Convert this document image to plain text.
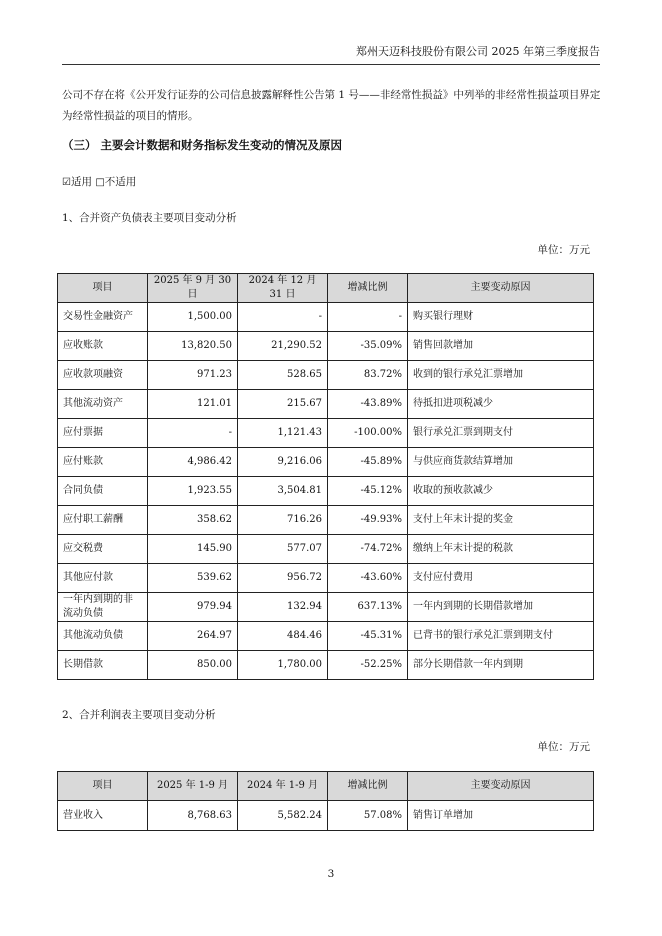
郑州天迈科技股份有限公司 2025 年第三季度报告
公司不存在将《公开发行证券的公司信息披露解释性公告第 1 号——非经常性损益》中列举的非经常性损益项目界定为经常性损益的项目的情形。
（三） 主要会计数据和财务指标发生变动的情况及原因
☑适用 □不适用
1、合并资产负债表主要项目变动分析
单位：万元
项目	2025 年 9 月 30 日	2024 年 12 月 31 日	增减比例	主要变动原因
交易性金融资产	1,500.00	-	-	购买银行理财
应收账款	13,820.50	21,290.52	-35.09%	销售回款增加
应收款项融资	971.23	528.65	83.72%	收到的银行承兑汇票增加
其他流动资产	121.01	215.67	-43.89%	待抵扣进项税减少
应付票据	-	1,121.43	-100.00%	银行承兑汇票到期支付
应付账款	4,986.42	9,216.06	-45.89%	与供应商货款结算增加
合同负债	1,923.55	3,504.81	-45.12%	收取的预收款减少
应付职工薪酬	358.62	716.26	-49.93%	支付上年末计提的奖金
应交税费	145.90	577.07	-74.72%	缴纳上年末计提的税款
其他应付款	539.62	956.72	-43.60%	支付应付费用
一年内到期的非流动负债	979.94	132.94	637.13%	一年内到期的长期借款增加
其他流动负债	264.97	484.46	-45.31%	已背书的银行承兑汇票到期支付
长期借款	850.00	1,780.00	-52.25%	部分长期借款一年内到期
2、合并利润表主要项目变动分析
单位：万元
项目	2025 年 1-9 月	2024 年 1-9 月	增减比例	主要变动原因
营业收入	8,768.63	5,582.24	57.08%	销售订单增加
3
